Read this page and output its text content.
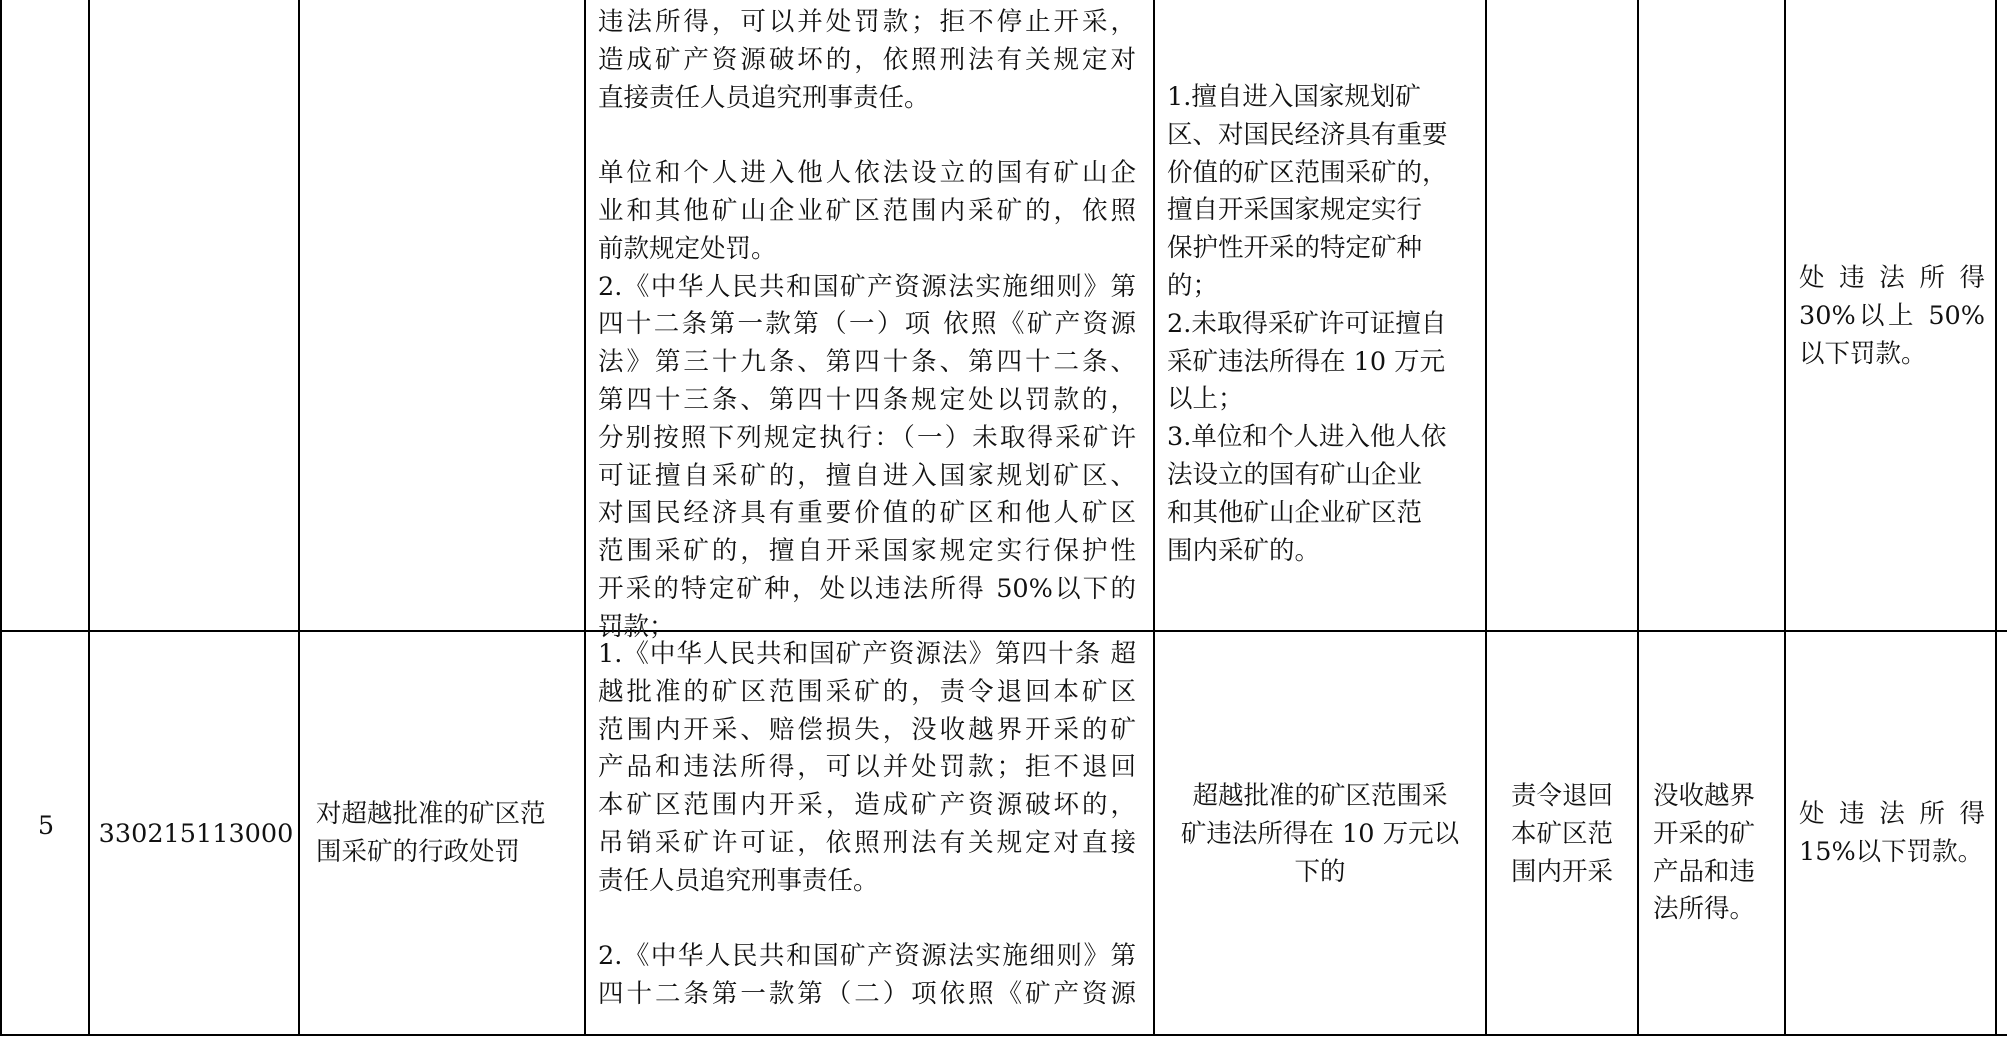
违法所得，可以并处罚款；拒不停止开采，
造成矿产资源破坏的，依照刑法有关规定对
直接责任人员追究刑事责任。
单位和个人进入他人依法设立的国有矿山企
业和其他矿山企业矿区范围内采矿的，依照
前款规定处罚。
2.《中华人民共和国矿产资源法实施细则》第
四十二条第一款第（一）项 依照《矿产资源
法》第三十九条、第四十条、第四十二条、
第四十三条、第四十四条规定处以罚款的，
分别按照下列规定执行：（一）未取得采矿许
可证擅自采矿的，擅自进入国家规划矿区、
对国民经济具有重要价值的矿区和他人矿区
范围采矿的，擅自开采国家规定实行保护性
开采的特定矿种，处以违法所得 50%以下的
罚款；
1.擅自进入国家规划矿
区、对国民经济具有重要
价值的矿区范围采矿的，
擅自开采国家规定实行
保护性开采的特定矿种
的；
2.未取得采矿许可证擅自
采矿违法所得在 10 万元
以上；
3.单位和个人进入他人依
法设立的国有矿山企业
和其他矿山企业矿区范
围内采矿的。
处违法所得
30%以上 50%
以下罚款。
5	330215113000
对超越批准的矿区范
围采矿的行政处罚
1.《中华人民共和国矿产资源法》第四十条 超
越批准的矿区范围采矿的，责令退回本矿区
范围内开采、赔偿损失，没收越界开采的矿
产品和违法所得，可以并处罚款；拒不退回
本矿区范围内开采，造成矿产资源破坏的，
吊销采矿许可证，依照刑法有关规定对直接
责任人员追究刑事责任。
2.《中华人民共和国矿产资源法实施细则》第
四十二条第一款第（二）项依照《矿产资源
超越批准的矿区范围采
矿违法所得在 10 万元以
下的
责令退回
本矿区范
围内开采
没收越界
开采的矿
产品和违
法所得。
处违法所得
15%以下罚款。
